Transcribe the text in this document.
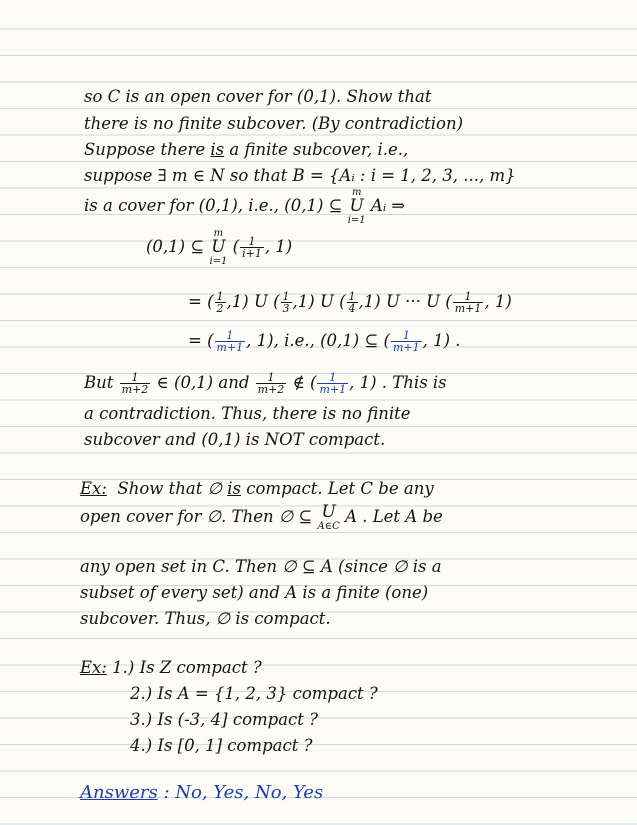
so C is an open cover for (0,1). Show that
there is no finite subcover. (By contradiction)
Suppose there is a finite subcover, i.e.,
suppose ∃ m ∈ N so that B = {Aᵢ : i = 1, 2, 3, ..., m}
is a cover for (0,1), i.e., (0,1) ⊆
m
U
i=1
Aᵢ ⇒
(0,1) ⊆
m
U
i=1
( $\frac{1}{i+1}$ , 1)
= ( $\frac{1}{2} ,1$) U ( $\frac{1}{3} ,1$) U ( $\frac{1}{4} ,1$) U ··· U ( $\frac{1}{m+1}$ , 1)
= ( $\frac{1}{m+1}$ , 1), i.e., (0,1) ⊆ ( $\frac{1}{m+1}$ , 1) .
But $\frac{1}{m+2}$ ∈ (0,1) and $\frac{1}{m+2}$ ∉ ( $\frac{1}{m+1}$ , 1) . This is
a contradiction. Thus, there is no finite
subcover and (0,1) is NOT compact.
Ex: Show that ∅ is compact. Let C be any
open cover for ∅. Then ∅ ⊆ U
A∈C A . Let A be
any open set in C. Then ∅ ⊆ A (since ∅ is a
subset of every set) and A is a finite (one)
subcover. Thus, ∅ is compact.
Ex: 1.) Is Z compact ?
2.) Is A = {1, 2, 3} compact ?
3.) Is (-3, 4] compact ?
4.) Is [0, 1] compact ?
Answers : No, Yes, No, Yes
